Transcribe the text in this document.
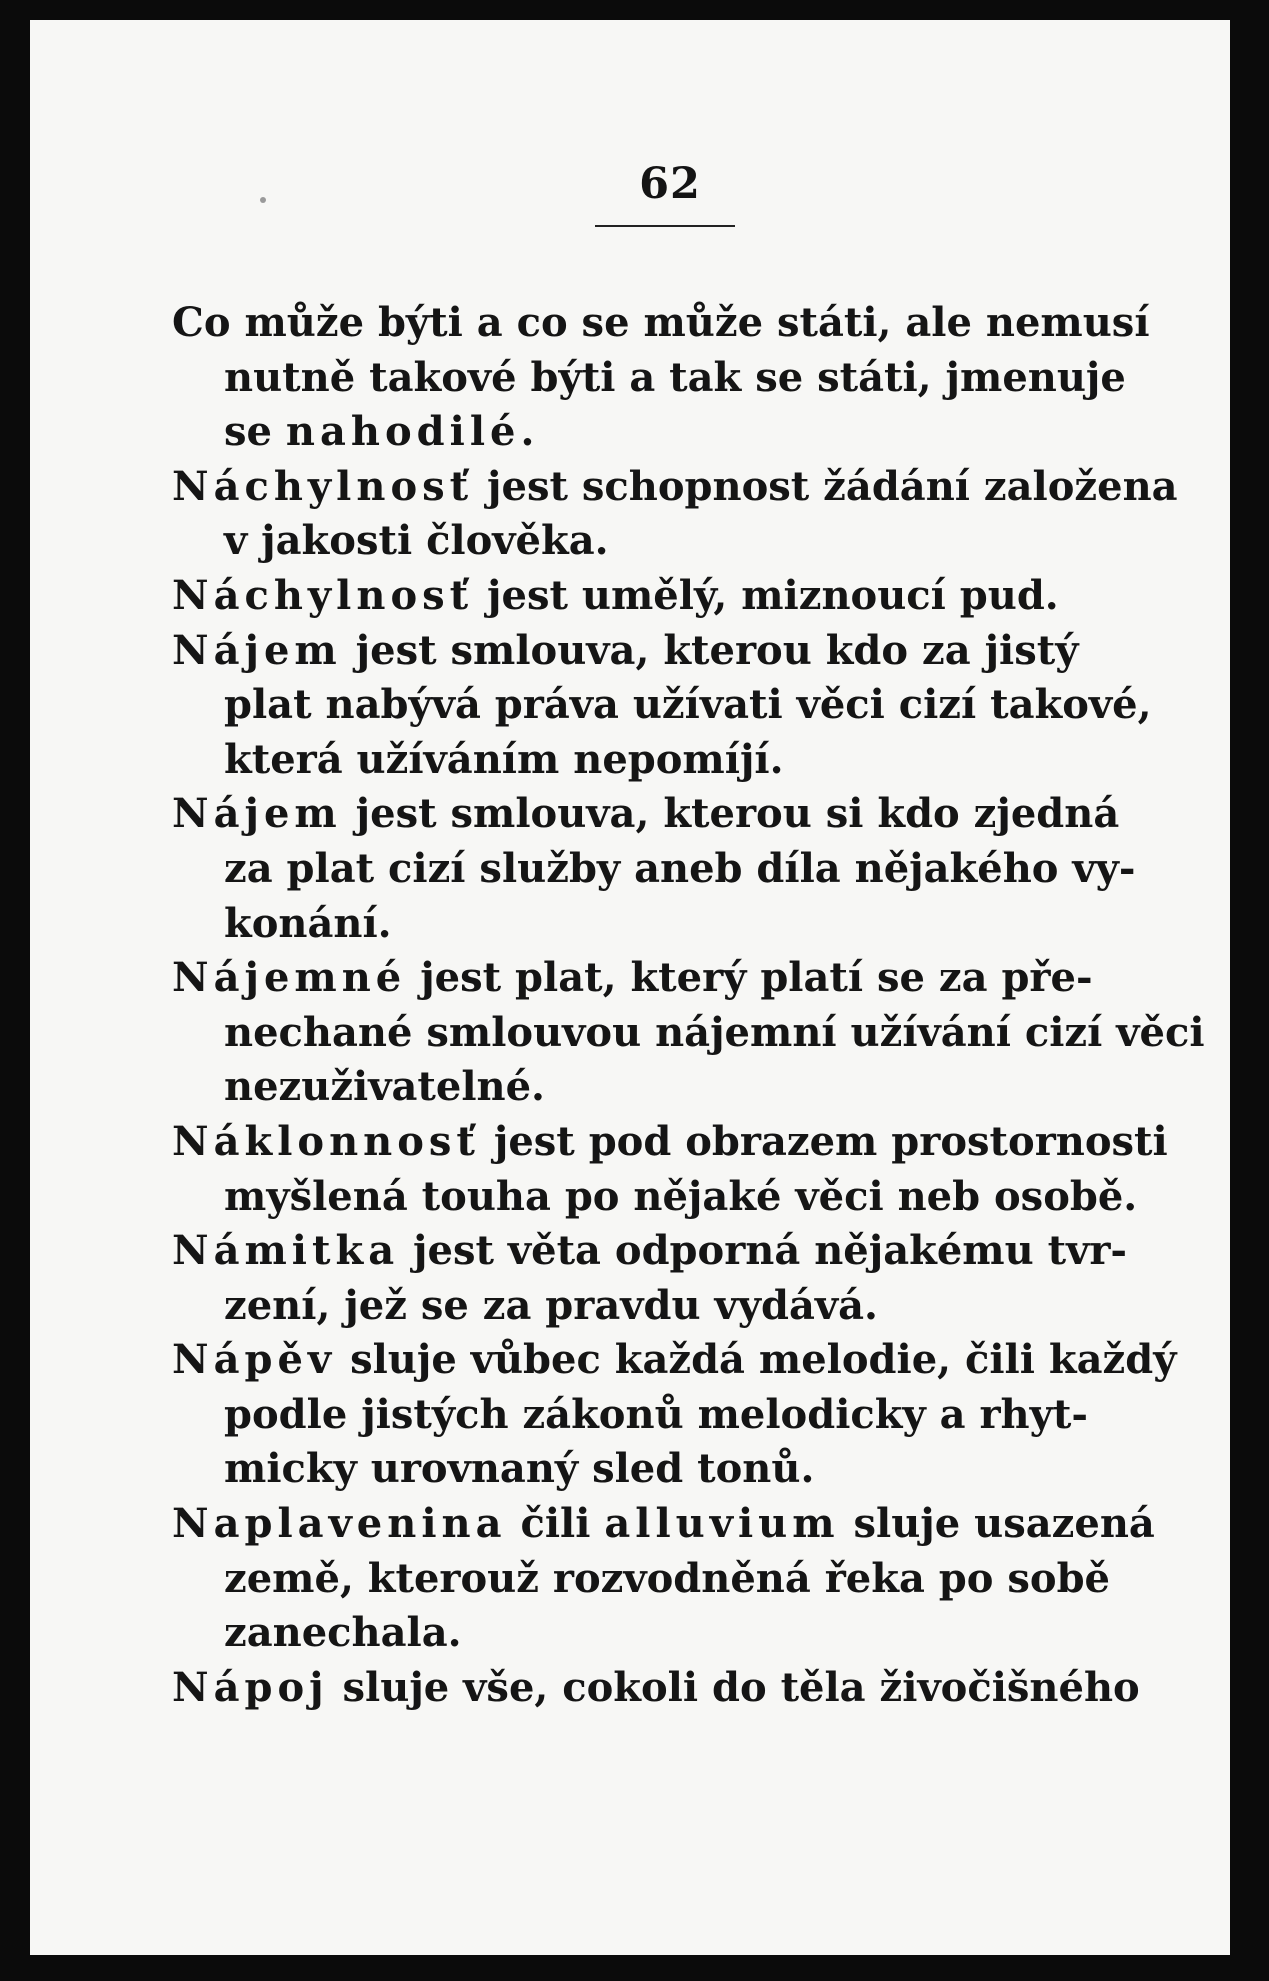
62
Co může býti a co se může státi, ale nemusí
nutně takové býti a tak se státi, jmenuje
se nahodilé.
Náchylnosť jest schopnost žádání založena
v jakosti člověka.
Náchylnosť jest umělý, miznoucí pud.
Nájem jest smlouva, kterou kdo za jistý
plat nabývá práva užívati věci cizí takové,
která užíváním nepomíjí.
Nájem jest smlouva, kterou si kdo zjedná
za plat cizí služby aneb díla nějakého vy-
konání.
Nájemné jest plat, který platí se za pře-
nechané smlouvou nájemní užívání cizí věci
nezuživatelné.
Náklonnosť jest pod obrazem prostornosti
myšlená touha po nějaké věci neb osobě.
Námitka jest věta odporná nějakému tvr-
zení, jež se za pravdu vydává.
Nápěv sluje vůbec každá melodie, čili každý
podle jistých zákonů melodicky a rhyt-
micky urovnaný sled tonů.
Naplavenina čili alluvium sluje usazená
země, kterouž rozvodněná řeka po sobě
zanechala.
Nápoj sluje vše, cokoli do těla živočišného
